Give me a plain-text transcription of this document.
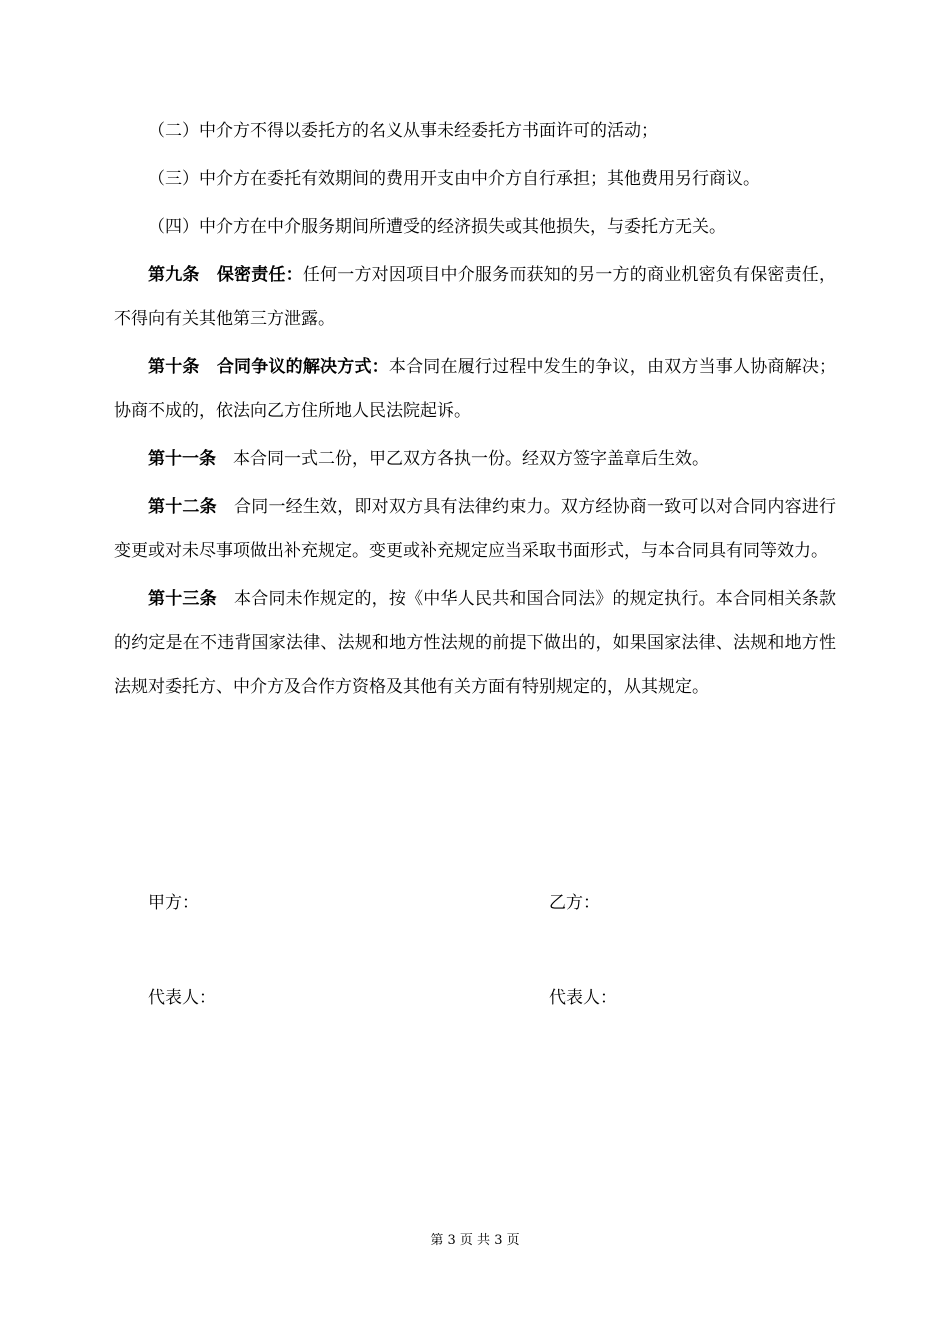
（二）中介方不得以委托方的名义从事未经委托方书面许可的活动；

（三）中介方在委托有效期间的费用开支由中介方自行承担；其他费用另行商议。

（四）中介方在中介服务期间所遭受的经济损失或其他损失，与委托方无关。

第九条 保密责任：任何一方对因项目中介服务而获知的另一方的商业机密负有保密责任，不得向有关其他第三方泄露。

第十条 合同争议的解决方式：本合同在履行过程中发生的争议，由双方当事人协商解决；协商不成的，依法向乙方住所地人民法院起诉。

第十一条 本合同一式二份，甲乙双方各执一份。经双方签字盖章后生效。

第十二条 合同一经生效，即对双方具有法律约束力。双方经协商一致可以对合同内容进行变更或对未尽事项做出补充规定。变更或补充规定应当采取书面形式，与本合同具有同等效力。

第十三条 本合同未作规定的，按《中华人民共和国合同法》的规定执行。本合同相关条款的约定是在不违背国家法律、法规和地方性法规的前提下做出的，如果国家法律、法规和地方性法规对委托方、中介方及合作方资格及其他有关方面有特别规定的，从其规定。

甲方：	乙方：
代表人：	代表人：
第 3 页 共 3 页
